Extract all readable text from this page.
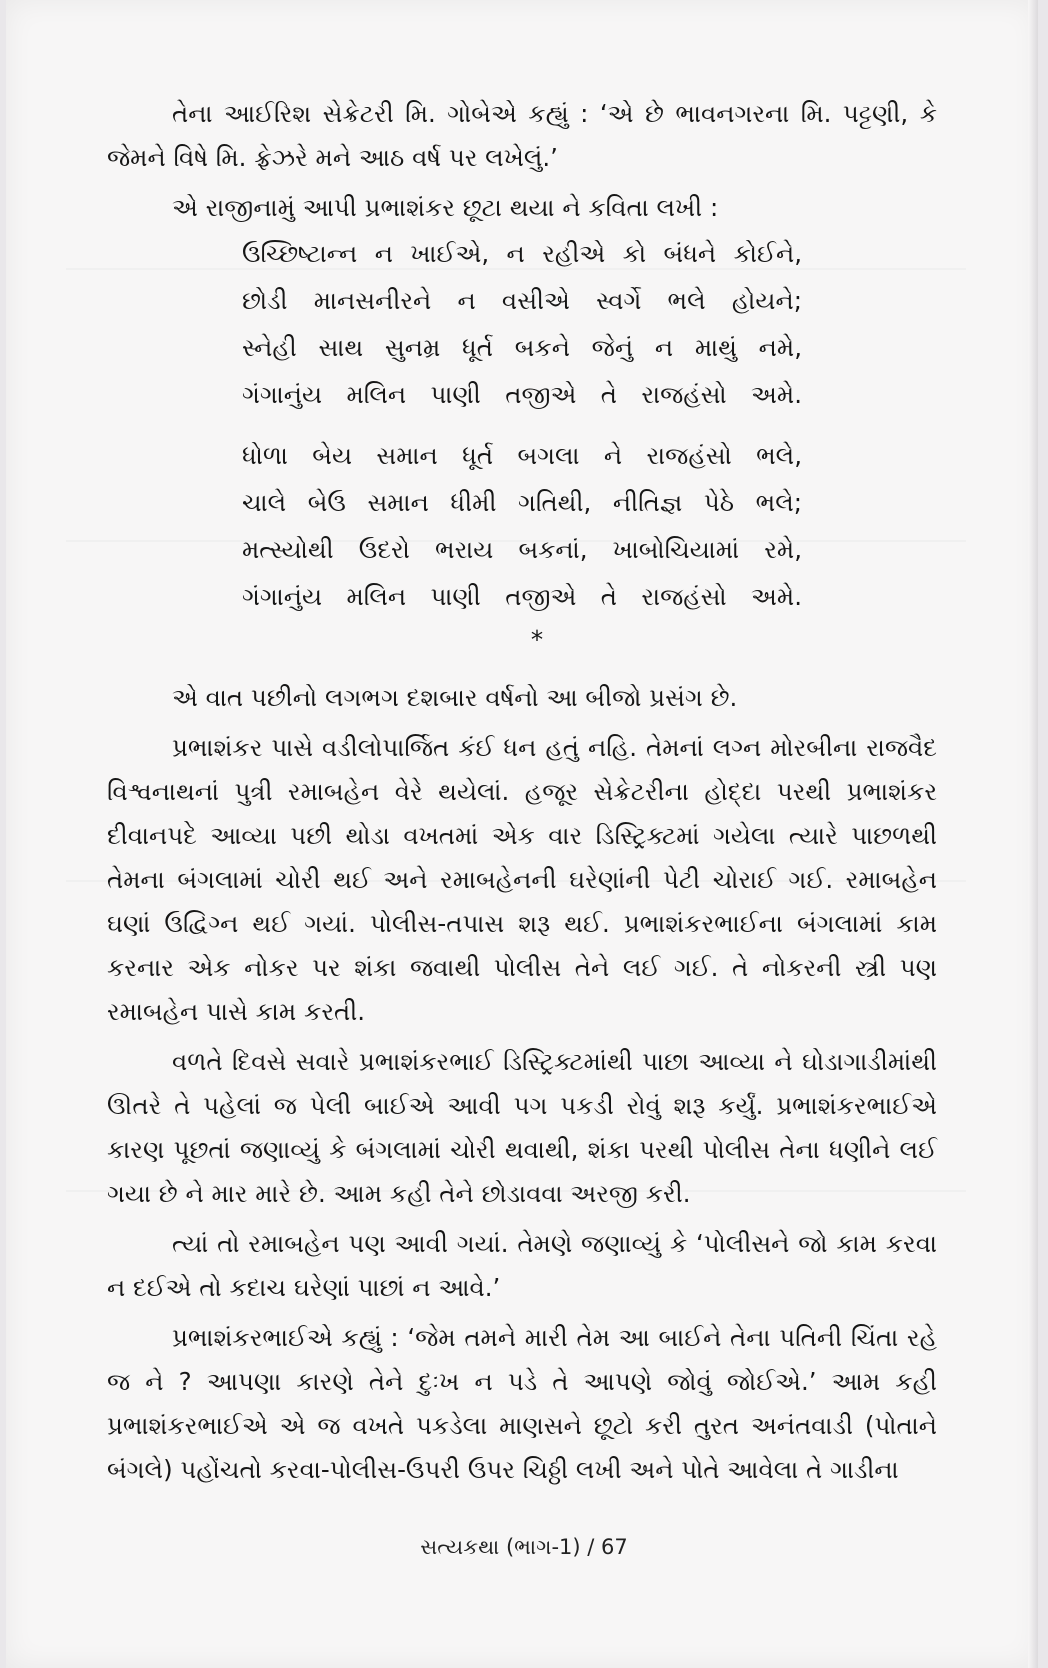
તેના આઈરિશ સેક્રેટરી મિ. ગોબેએ કહ્યું : ‘એ છે ભાવનગરના મિ. પટ્ટણી, કે જેમને વિષે મિ. ફ્રેઝરે મને આઠ વર્ષ પર લખેલું.’

એ રાજીનામું આપી પ્રભાશંકર છૂટા થયા ને કવિતા લખી :

ઉચ્છિષ્ટાન્ન ન ખાઈએ, ન રહીએ કો બંધને કોઈને,
છોડી માનસનીરને ન વસીએ સ્વર્ગે ભલે હોયને;
સ્નેહી સાથ સુનમ્ર ધૂર્ત બકને જેનું ન માથું નમે,
ગંગાનુંય મલિન પાણી તજીએ તે રાજહંસો અમે.
ધોળા બેય સમાન ધૂર્ત બગલા ને રાજહંસો ભલે,
ચાલે બેઉ સમાન ધીમી ગતિથી, નીતિજ્ઞ પેઠે ભલે;
મત્સ્યોથી ઉદરો ભરાય બકનાં, ખાબોચિયામાં રમે,
ગંગાનુંય મલિન પાણી તજીએ તે રાજહંસો અમે.
*

એ વાત પછીનો લગભગ દશબાર વર્ષનો આ બીજો પ્રસંગ છે.

પ્રભાશંકર પાસે વડીલોપાર્જિત કંઈ ધન હતું નહિ. તેમનાં લગ્ન મોરબીના રાજવૈદ વિશ્વનાથનાં પુત્રી રમાબહેન વેરે થયેલાં. હજૂર સેક્રેટરીના હોદ્દા પરથી પ્રભાશંકર દીવાનપદે આવ્યા પછી થોડા વખતમાં એક વાર ડિસ્ટ્રિક્ટમાં ગયેલા ત્યારે પાછળથી તેમના બંગલામાં ચોરી થઈ અને રમાબહેનની ઘરેણાંની પેટી ચોરાઈ ગઈ. રમાબહેન ઘણાં ઉદ્વિગ્ન થઈ ગયાં. પોલીસ-તપાસ શરૂ થઈ. પ્રભાશંકરભાઈના બંગલામાં કામ કરનાર એક નોકર પર શંકા જવાથી પોલીસ તેને લઈ ગઈ. તે નોકરની સ્ત્રી પણ રમાબહેન પાસે કામ કરતી.

વળતે દિવસે સવારે પ્રભાશંકરભાઈ ડિસ્ટ્રિક્ટમાંથી પાછા આવ્યા ને ઘોડાગાડીમાંથી ઊતરે તે પહેલાં જ પેલી બાઈએ આવી પગ પકડી રોવું શરૂ કર્યું. પ્રભાશંકરભાઈએ કારણ પૂછતાં જણાવ્યું કે બંગલામાં ચોરી થવાથી, શંકા પરથી પોલીસ તેના ધણીને લઈ ગયા છે ને માર મારે છે. આમ કહી તેને છોડાવવા અરજી કરી.

ત્યાં તો રમાબહેન પણ આવી ગયાં. તેમણે જણાવ્યું કે ‘પોલીસને જો કામ કરવા ન દઈએ તો કદાચ ઘરેણાં પાછાં ન આવે.’

પ્રભાશંકરભાઈએ કહ્યું : ‘જેમ તમને મારી તેમ આ બાઈને તેના પતિની ચિંતા રહે જ ને ? આપણા કારણે તેને દુઃખ ન પડે તે આપણે જોવું જોઈએ.’ આમ કહી પ્રભાશંકરભાઈએ એ જ વખતે પકડેલા માણસને છૂટો કરી તુરત અનંતવાડી (પોતાને બંગલે) પહોંચતો કરવા-પોલીસ-ઉપરી ઉપર ચિઠ્ઠી લખી અને પોતે આવેલા તે ગાડીના

સત્યકથા (ભાગ-1) / 67
